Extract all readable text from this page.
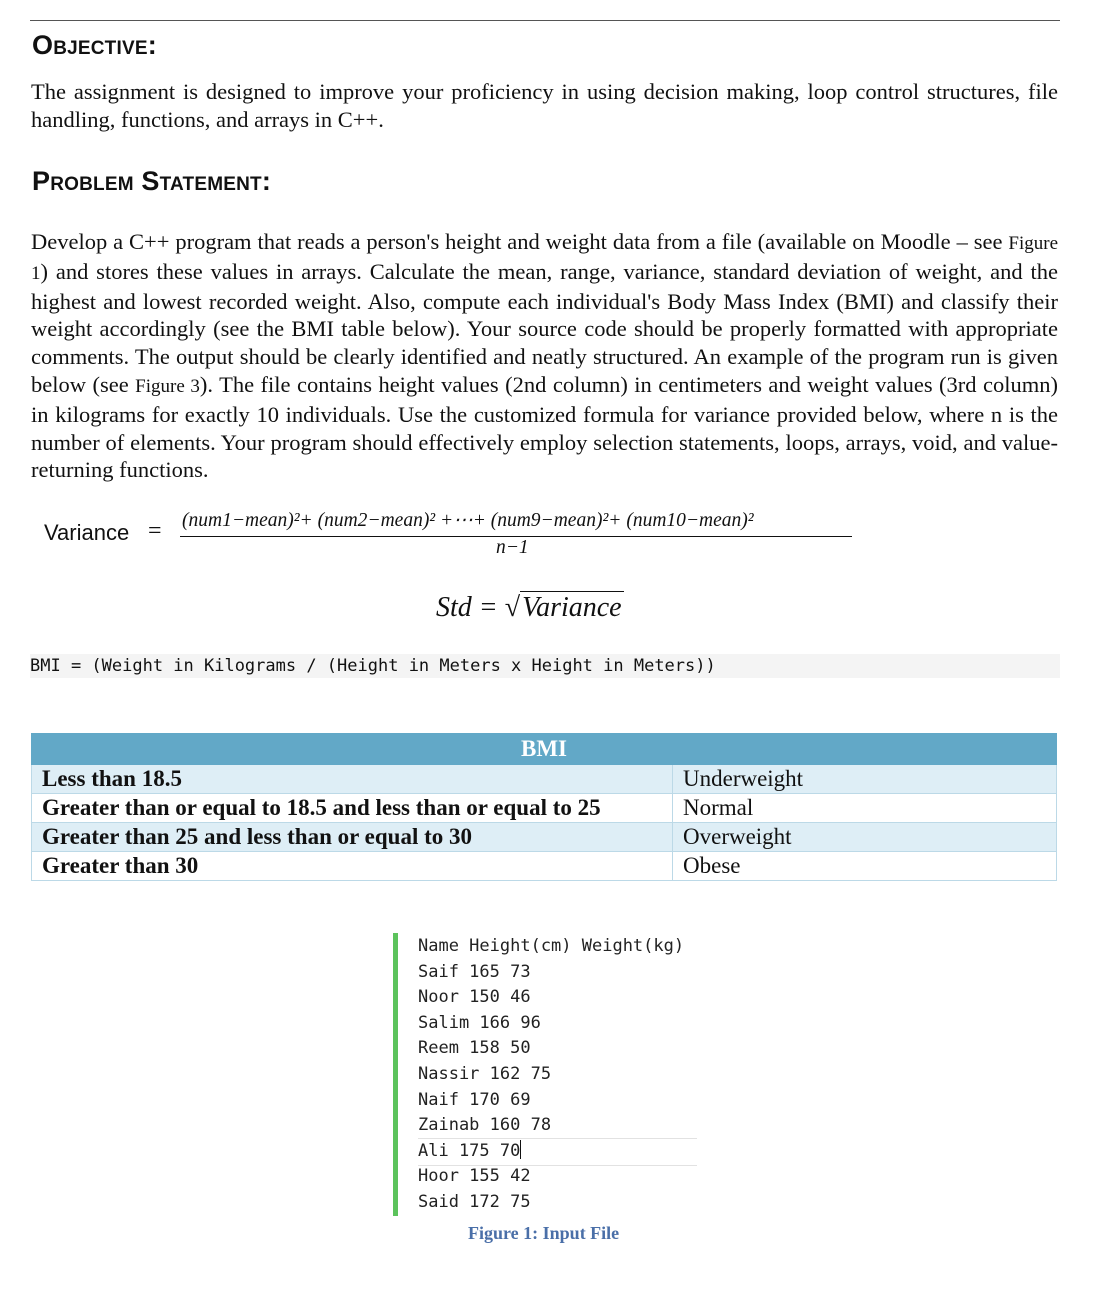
Objective:
The assignment is designed to improve your proficiency in using decision making, loop control structures, file handling, functions, and arrays in C++.
Problem Statement:
Develop a C++ program that reads a person's height and weight data from a file (available on Moodle – see Figure 1) and stores these values in arrays. Calculate the mean, range, variance, standard deviation of weight, and the highest and lowest recorded weight. Also, compute each individual's Body Mass Index (BMI) and classify their weight accordingly (see the BMI table below). Your source code should be properly formatted with appropriate comments. The output should be clearly identified and neatly structured. An example of the program run is given below (see Figure 3). The file contains height values (2nd column) in centimeters and weight values (3rd column) in kilograms for exactly 10 individuals. Use the customized formula for variance provided below, where n is the number of elements. Your program should effectively employ selection statements, loops, arrays, void, and value-returning functions.
Variance = (num1−mean)²+ (num2−mean)² +⋯+ (num9−mean)²+ (num10−mean)²
n−1
Std = √Variance
BMI = (Weight in Kilograms / (Height in Meters x Height in Meters))
BMI	
Less than 18.5	Underweight
Greater than or equal to 18.5 and less than or equal to 25	Normal
Greater than 25 and less than or equal to 30	Overweight
Greater than 30	Obese
Name Height(cm) Weight(kg)
Saif 165 73
Noor 150 46
Salim 166 96
Reem 158 50
Nassir 162 75
Naif 170 69
Zainab 160 78
Ali 175 70
Hoor 155 42
Said 172 75
Figure 1: Input File
